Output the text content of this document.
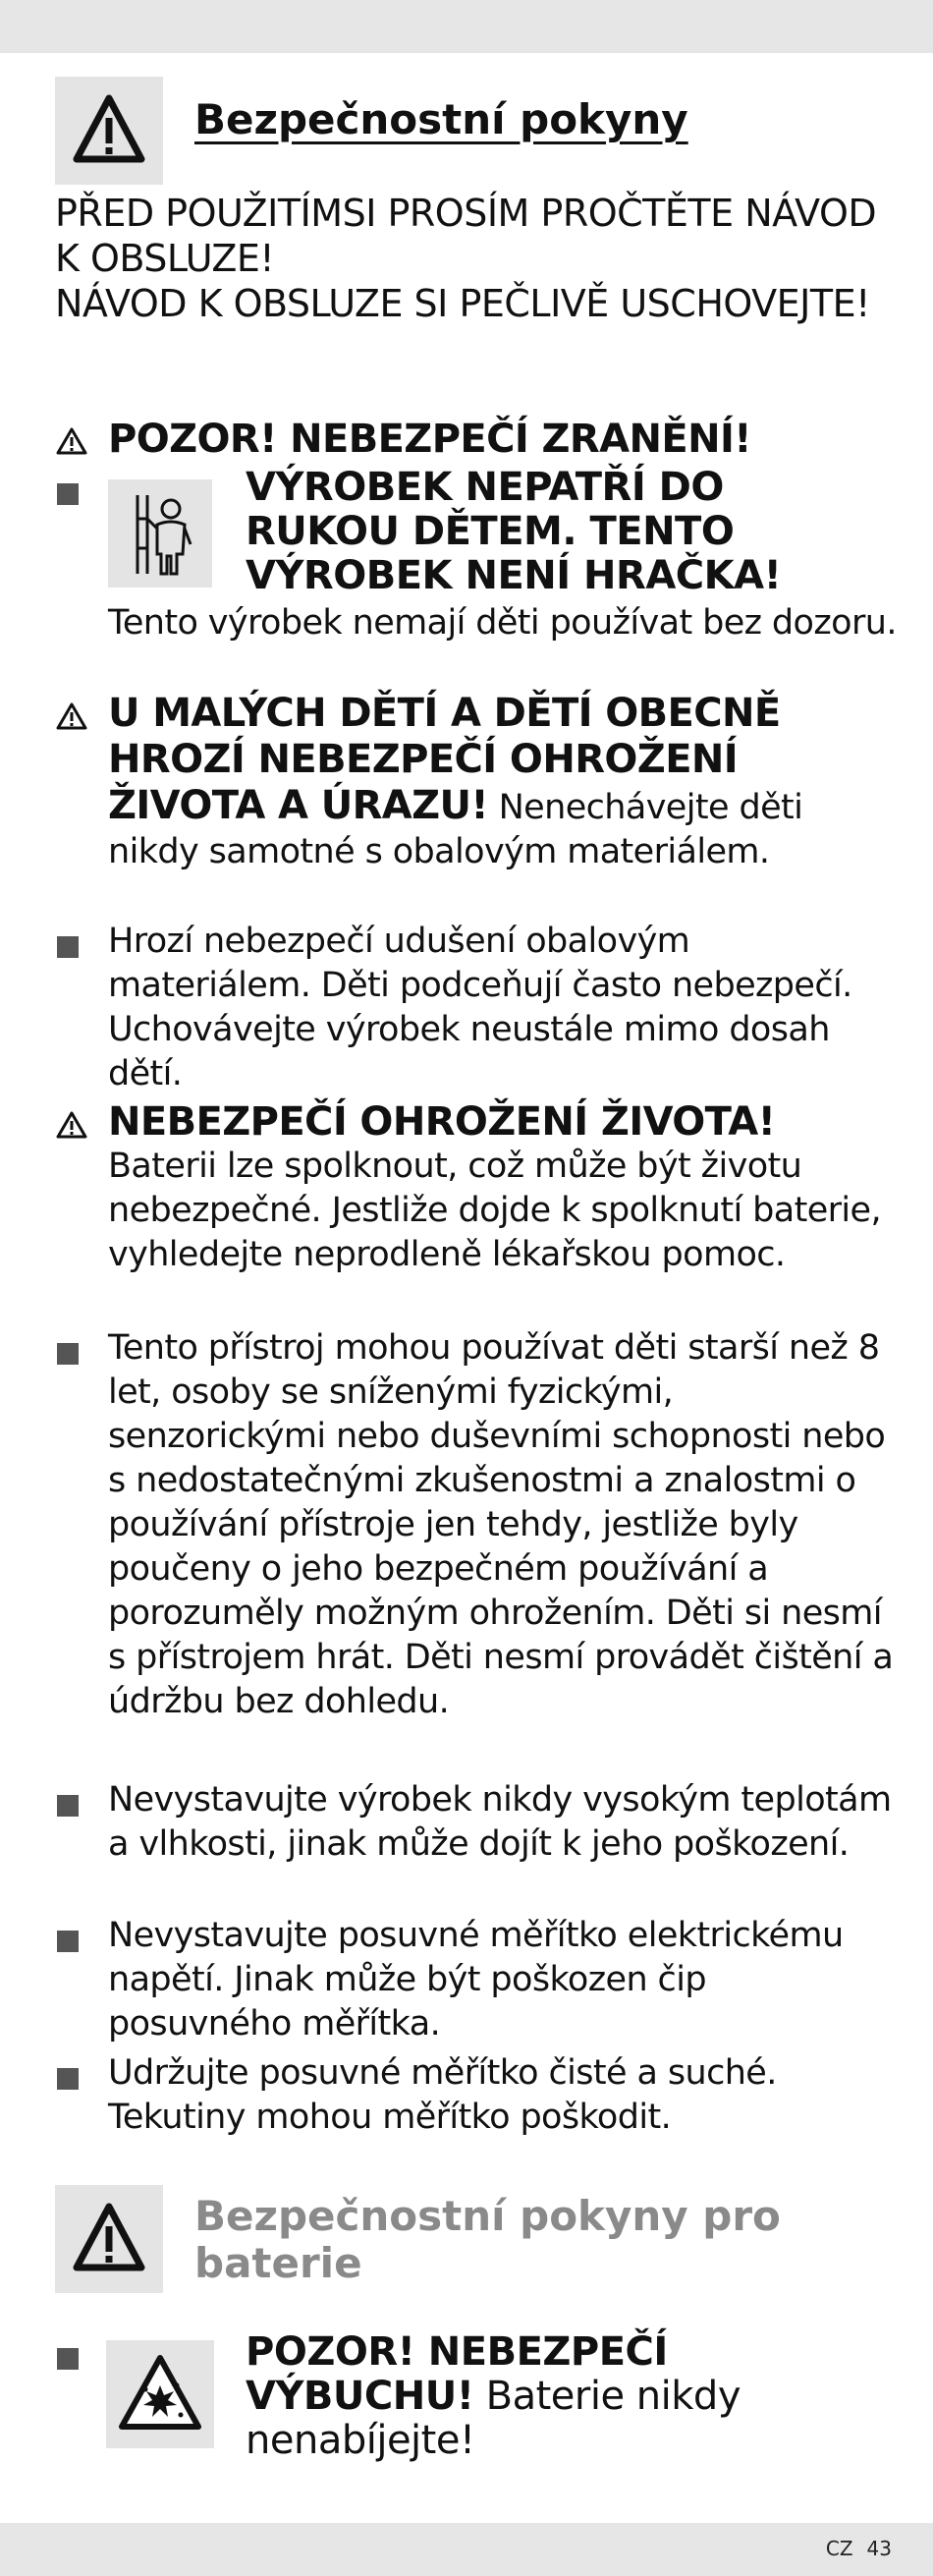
Bezpečnostní pokyny
PŘED POUŽITÍMSI PROSÍM PROČTĚTE NÁVOD K OBSLUZE!
NÁVOD K OBSLUZE SI PEČLIVĚ USCHOVEJTE!
POZOR! NEBEZPEČÍ ZRANĚNÍ!
VÝROBEK NEPATŘÍ DO RUKOU DĚTEM. TENTO VÝROBEK NENÍ HRAČKA!
Tento výrobek nemají děti používat bez dozoru.
U MALÝCH DĚTÍ A DĚTÍ OBECNĚ HROZÍ NEBEZPEČÍ OHROŽENÍ ŽIVOTA A ÚRAZU! Nenechávejte děti nikdy samotné s obalovým materiálem.
Hrozí nebezpečí udušení obalovým materiálem. Děti podceňují často nebezpečí. Uchovávejte výrobek neustále mimo dosah dětí.
NEBEZPEČÍ OHROŽENÍ ŽIVOTA!
Baterii lze spolknout, což může být životu nebezpečné. Jestliže dojde k spolknutí baterie, vyhledejte neprodleně lékařskou pomoc.
Tento přístroj mohou používat děti starší než 8 let, osoby se sníženými fyzickými, senzorickými nebo duševními schopnosti nebo s nedostatečnými zkušenostmi a znalostmi o používání přístroje jen tehdy, jestliže byly poučeny o jeho bezpečném používání a porozuměly možným ohrožením. Děti si nesmí s přístrojem hrát. Děti nesmí provádět čištění a údržbu bez dohledu.
Nevystavujte výrobek nikdy vysokým teplotám a vlhkosti, jinak může dojít k jeho poškození.
Nevystavujte posuvné měřítko elektrickému napětí. Jinak může být poškozen čip posuvného měřítka.
Udržujte posuvné měřítko čisté a suché. Tekutiny mohou měřítko poškodit.
Bezpečnostní pokyny pro baterie
POZOR! NEBEZPEČÍ VÝBUCHU! Baterie nikdy nenabíjejte!
CZ 43
